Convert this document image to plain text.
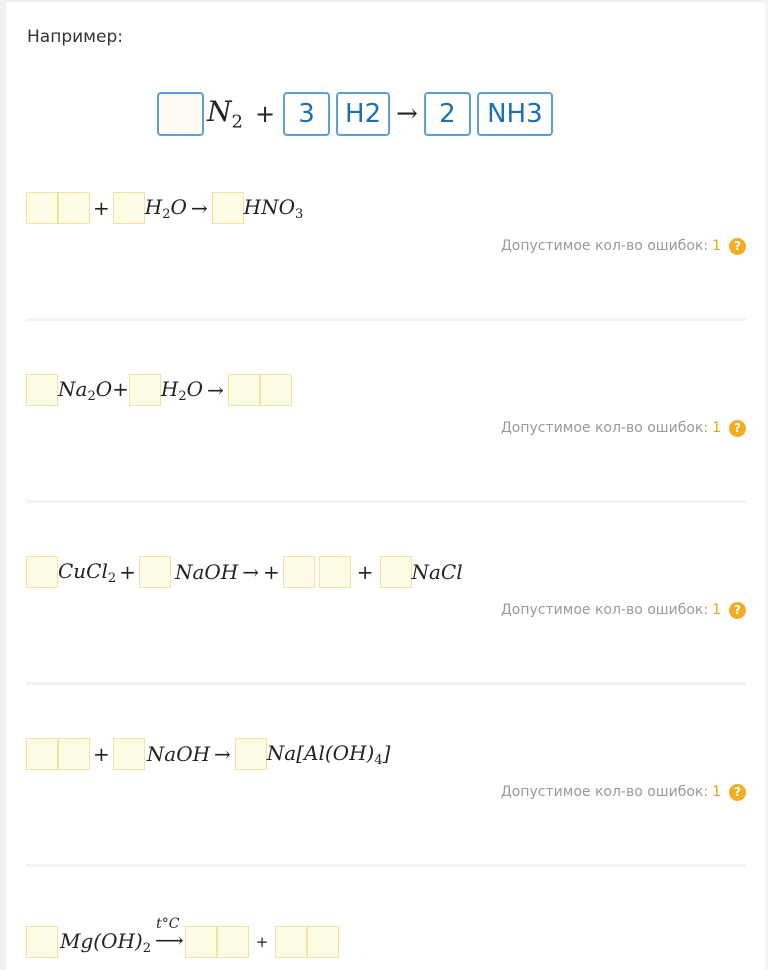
Например:
$N_2 + 3$	H2 → 2	NH3
+ $H_2O \to HNO_3$
Допустимое кол-во ошибок: 1	?
$Na_2O+ H_2O$ →
Допустимое кол-во ошибок: 1	?
CuCl$_2$ + NaOH → +	+ NaCl
Допустимое кол-во ошибок: 1	?
+ NaOH → $Na[Al(OH)_4]$
Допустимое кол-во ошибок: 1	?
$Mg(OH)_2$
t°C
⟶	+
